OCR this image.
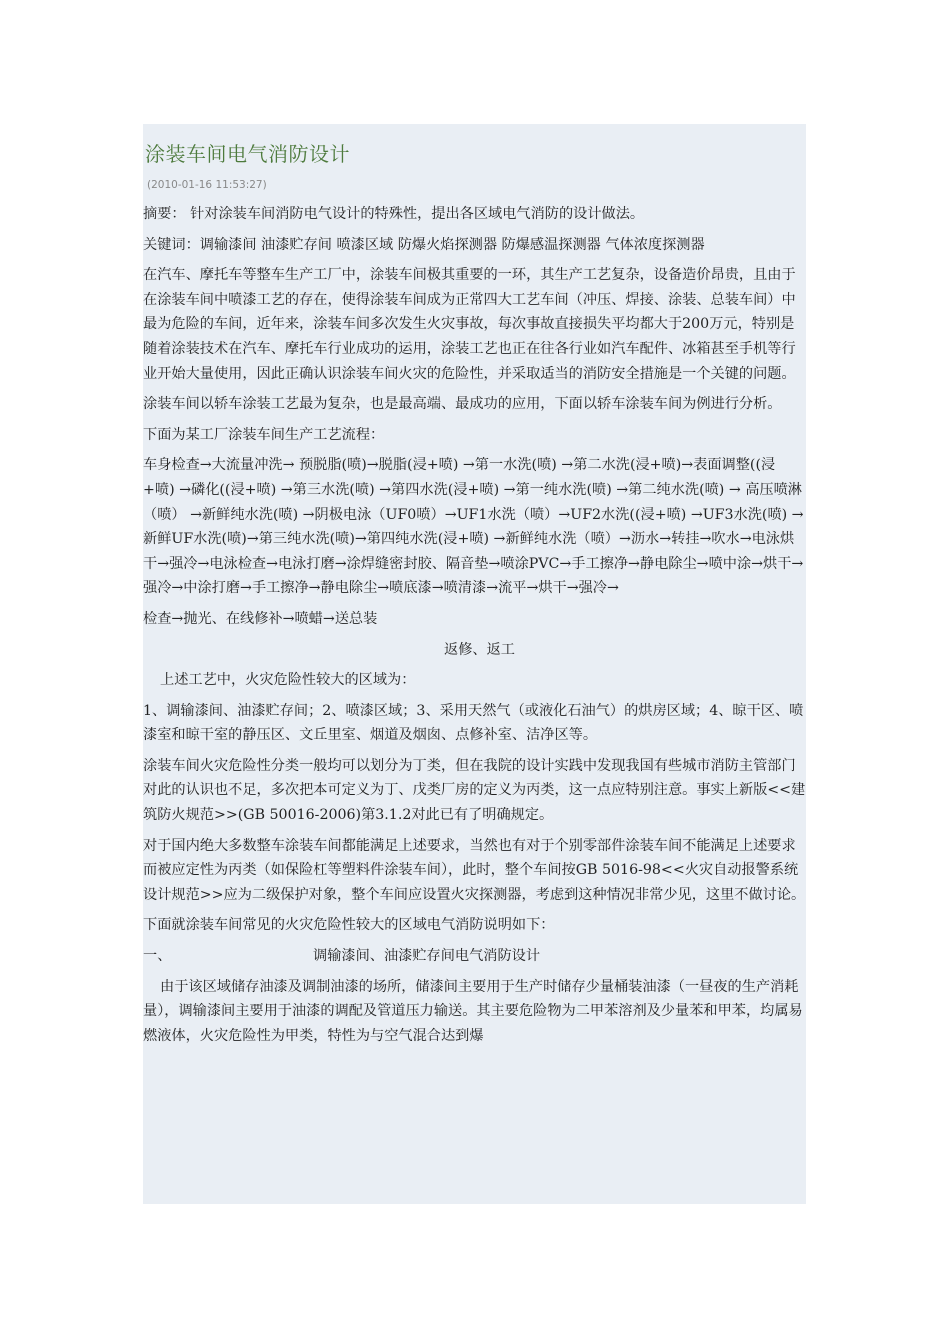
涂装车间电气消防设计
(2010-01-16 11:53:27)

摘要： 针对涂装车间消防电气设计的特殊性，提出各区域电气消防的设计做法。

关键词：调输漆间 油漆贮存间 喷漆区域 防爆火焰探测器 防爆感温探测器 气体浓度探测器

在汽车、摩托车等整车生产工厂中，涂装车间极其重要的一环，其生产工艺复杂，设备造价昂贵，且由于在涂装车间中喷漆工艺的存在，使得涂装车间成为正常四大工艺车间（冲压、焊接、涂装、总装车间）中最为危险的车间，近年来，涂装车间多次发生火灾事故，每次事故直接损失平均都大于200万元，特别是随着涂装技术在汽车、摩托车行业成功的运用，涂装工艺也正在往各行业如汽车配件、冰箱甚至手机等行业开始大量使用，因此正确认识涂装车间火灾的危险性，并采取适当的消防安全措施是一个关键的问题。

涂装车间以轿车涂装工艺最为复杂，也是最高端、最成功的应用，下面以轿车涂装车间为例进行分析。

下面为某工厂涂装车间生产工艺流程：

车身检查→大流量冲洗→ 预脱脂(喷)→脱脂(浸+喷) →第一水洗(喷) →第二水洗(浸+喷)→表面调整((浸+喷) →磷化((浸+喷) →第三水洗(喷) →第四水洗(浸+喷) →第一纯水洗(喷) →第二纯水洗(喷) → 高压喷淋（喷） →新鲜纯水洗(喷) →阴极电泳（UF0喷）→UF1水洗（喷）→UF2水洗((浸+喷) →UF3水洗(喷) →新鲜UF水洗(喷)→第三纯水洗(喷)→第四纯水洗(浸+喷) →新鲜纯水洗（喷）→沥水→转挂→吹水→电泳烘干→强冷→电泳检查→电泳打磨→涂焊缝密封胶、隔音垫→喷涂PVC→手工擦净→静电除尘→喷中涂→烘干→强冷→中涂打磨→手工擦净→静电除尘→喷底漆→喷清漆→流平→烘干→强冷→

检查→抛光、在线修补→喷蜡→送总装

返修、返工

上述工艺中，火灾危险性较大的区域为：

1、调输漆间、油漆贮存间；2、喷漆区域；3、采用天然气（或液化石油气）的烘房区域；4、晾干区、喷漆室和晾干室的静压区、文丘里室、烟道及烟囱、点修补室、洁净区等。

涂装车间火灾危险性分类一般均可以划分为丁类，但在我院的设计实践中发现我国有些城市消防主管部门对此的认识也不足，多次把本可定义为丁、戊类厂房的定义为丙类，这一点应特别注意。事实上新版<<建筑防火规范>>(GB 50016-2006)第3.1.2对此已有了明确规定。

对于国内绝大多数整车涂装车间都能满足上述要求，当然也有对于个别零部件涂装车间不能满足上述要求而被应定性为丙类（如保险杠等塑料件涂装车间），此时，整个车间按GB 5016-98<<火灾自动报警系统设计规范>>应为二级保护对象，整个车间应设置火灾探测器，考虑到这种情况非常少见，这里不做讨论。

下面就涂装车间常见的火灾危险性较大的区域电气消防说明如下：

一、	调输漆间、油漆贮存间电气消防设计

由于该区域储存油漆及调制油漆的场所，储漆间主要用于生产时储存少量桶装油漆（一昼夜的生产消耗量），调输漆间主要用于油漆的调配及管道压力输送。其主要危险物为二甲苯溶剂及少量苯和甲苯，均属易燃液体，火灾危险性为甲类，特性为与空气混合达到爆
